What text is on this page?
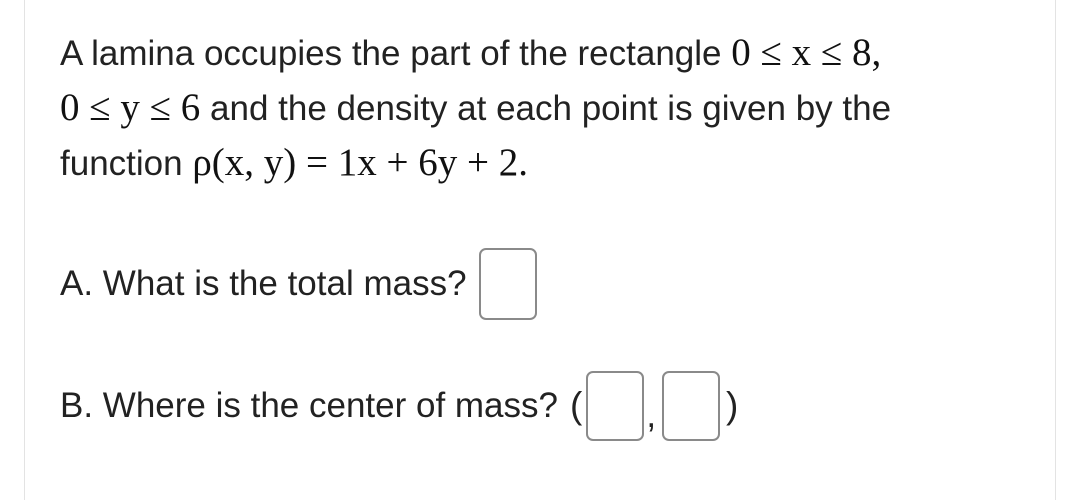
A lamina occupies the part of the rectangle 0 ≤ x ≤ 8,
0 ≤ y ≤ 6 and the density at each point is given by the
function ρ(x, y) = 1x + 6y + 2.
A. What is the total mass?
B. Where is the center of mass? ( , )
